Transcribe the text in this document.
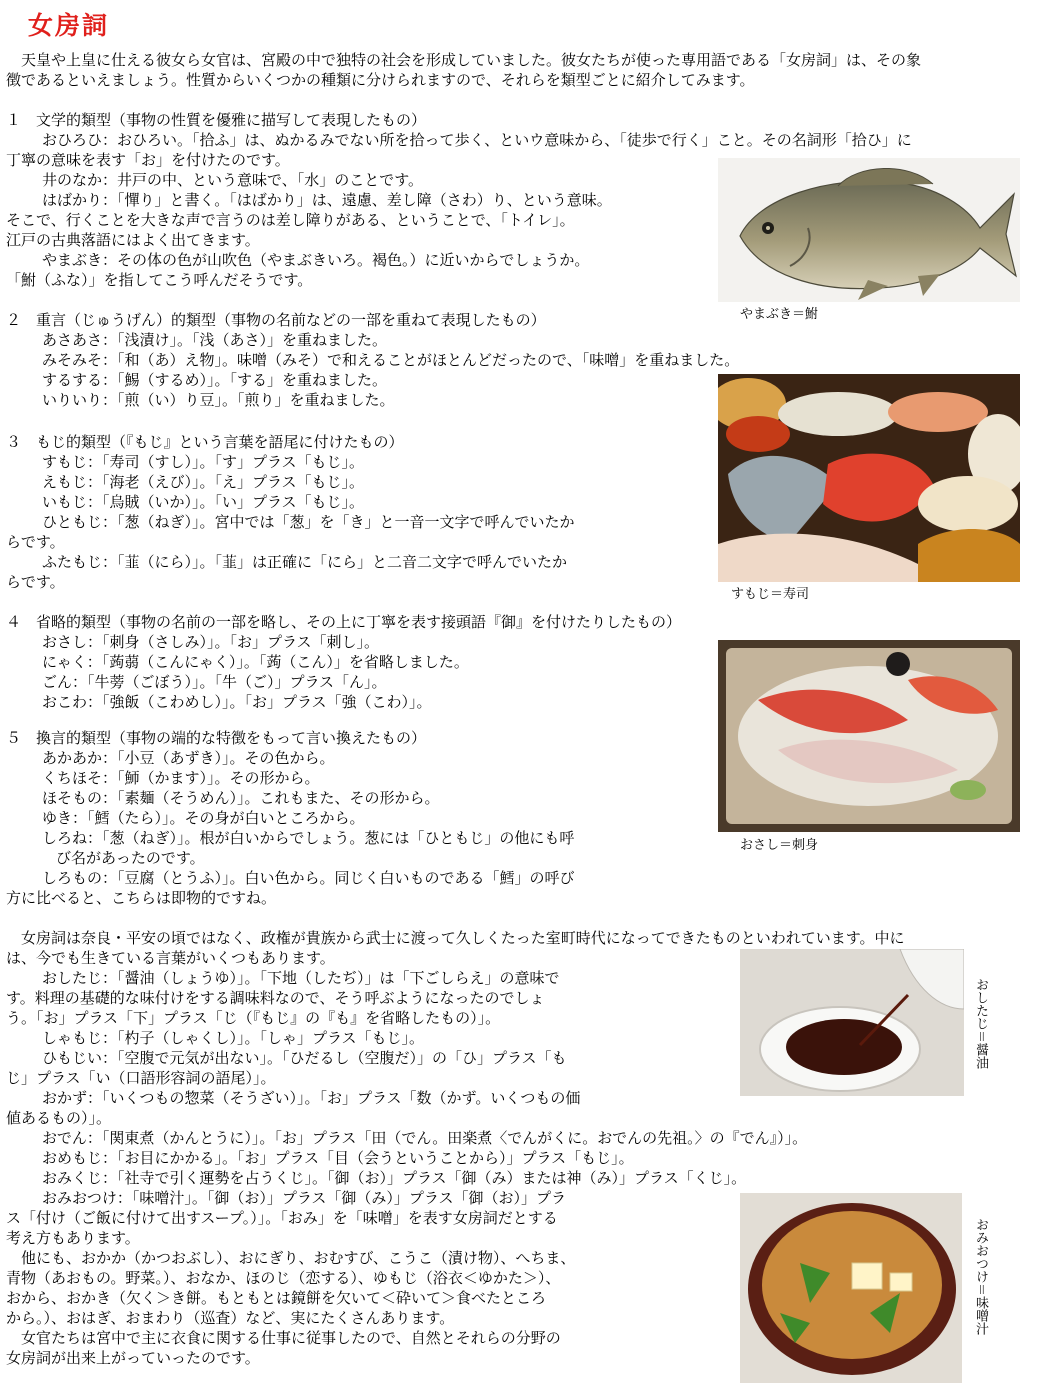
女房詞
　天皇や上皇に仕える彼女ら女官は、宮殿の中で独特の社会を形成していました。彼女たちが使った専用語である「女房詞」は、その象
徴であるといえましょう。性質からいくつかの種類に分けられますので、それらを類型ごとに紹介してみます。
１　文学的類型（事物の性質を優雅に描写して表現したもの）
おひろひ：おひろい。「拾ふ」は、ぬかるみでない所を拾って歩く、といウ意味から、「徒歩で行く」こと。その名詞形「拾ひ」に
丁寧の意味を表す「お」を付けたのです。
井のなか：井戸の中、という意味で、「水」のことです。
はばかり：「憚り」と書く。「はばかり」は、遠慮、差し障（さわ）り、という意味。
そこで、行くことを大きな声で言うのは差し障りがある、ということで、「トイレ」。
江戸の古典落語にはよく出てきます。
やまぶき：その体の色が山吹色（やまぶきいろ。褐色。）に近いからでしょうか。
「鮒（ふな）」を指してこう呼んだそうです。
２　重言（じゅうげん）的類型（事物の名前などの一部を重ねて表現したもの）
あさあさ：「浅漬け」。「浅（あさ）」を重ねました。
みそみそ：「和（あ）え物」。味噌（みそ）で和えることがほとんどだったので、「味噌」を重ねました。
するする：「鯣（するめ）」。「する」を重ねました。
いりいり：「煎（い）り豆」。「煎り」を重ねました。
３　もじ的類型（『もじ』という言葉を語尾に付けたもの）
すもじ：「寿司（すし）」。「す」プラス「もじ」。
えもじ：「海老（えび）」。「え」プラス「もじ」。
いもじ：「烏賊（いか）」。「い」プラス「もじ」。
ひともじ：「葱（ねぎ）」。宮中では「葱」を「き」と一音一文字で呼んでいたか
らです。
ふたもじ：「韮（にら）」。「韮」は正確に「にら」と二音二文字で呼んでいたか
らです。
４　省略的類型（事物の名前の一部を略し、その上に丁寧を表す接頭語『御』を付けたりしたもの）
おさし：「刺身（さしみ）」。「お」プラス「刺し」。
にゃく：「蒟蒻（こんにゃく）」。「蒟（こん）」を省略しました。
ごん：「牛蒡（ごぼう）」。「牛（ご）」プラス「ん」。
おこわ：「強飯（こわめし）」。「お」プラス「強（こわ）」。
５　換言的類型（事物の端的な特徴をもって言い換えたもの）
あかあか：「小豆（あずき）」。その色から。
くちほそ：「魳（かます）」。その形から。
ほそもの：「素麺（そうめん）」。これもまた、その形から。
ゆき：「鱈（たら）」。その身が白いところから。
しろね：「葱（ねぎ）」。根が白いからでしょう。葱には「ひともじ」の他にも呼
び名があったのです。
しろもの：「豆腐（とうふ）」。白い色から。同じく白いものである「鱈」の呼び
方に比べると、こちらは即物的ですね。
　女房詞は奈良・平安の頃ではなく、政権が貴族から武士に渡って久しくたった室町時代になってできたものといわれています。中に
は、今でも生きている言葉がいくつもあります。
おしたじ：「醤油（しょうゆ）」。「下地（したぢ）」は「下ごしらえ」の意味で
す。料理の基礎的な味付けをする調味料なので、そう呼ぶようになったのでしょ
う。「お」プラス「下」プラス「じ（『もじ』の『も』を省略したもの）」。
しゃもじ：「杓子（しゃくし）」。「しゃ」プラス「もじ」。
ひもじい：「空腹で元気が出ない」。「ひだるし（空腹だ）」の「ひ」プラス「も
じ」プラス「い（口語形容詞の語尾）」。
おかず：「いくつもの惣菜（そうざい）」。「お」プラス「数（かず。いくつもの価
値あるもの）」。
おでん：「関東煮（かんとうに）」。「お」プラス「田（でん。田楽煮〈でんがくに。おでんの先祖。〉の『でん』）」。
おめもじ：「お目にかかる」。「お」プラス「目（会うということから）」プラス「もじ」。
おみくじ：「社寺で引く運勢を占うくじ」。「御（お）」プラス「御（み）または神（み）」プラス「くじ」。
おみおつけ：「味噌汁」。「御（お）」プラス「御（み）」プラス「御（お）」プラ
ス「付け（ご飯に付けて出すスープ。）」。「おみ」を「味噌」を表す女房詞だとする
考え方もあります。
　他にも、おかか（かつおぶし）、おにぎり、おむすび、こうこ（漬け物）、へちま、
青物（あおもの。野菜。）、おなか、ほのじ（恋する）、ゆもじ（浴衣＜ゆかた＞）、
おから、おかき（欠く＞き餅。もともとは鏡餅を欠いて＜砕いて＞食べたところ
から。）、おはぎ、おまわり（巡査）など、実にたくさんあります。
　女官たちは宮中で主に衣食に関する仕事に従事したので、自然とそれらの分野の
女房詞が出来上がっていったのです。
やまぶき＝鮒
すもじ＝寿司
おさし＝刺身
おしたじ＝醤油
おみおつけ＝味噌汁
